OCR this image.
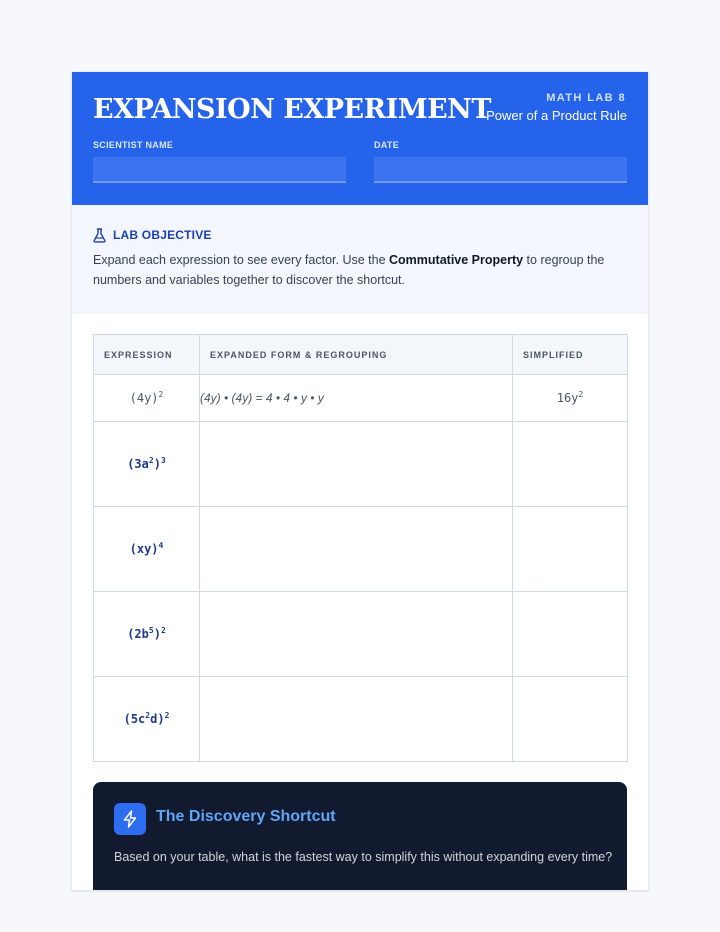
EXPANSION EXPERIMENT	MATH LAB 8
Power of a Product Rule
SCIENTIST NAME	DATE
LAB OBJECTIVE

Expand each expression to see every factor. Use the Commutative Property to regroup the numbers and variables together to discover the shortcut.

EXPRESSION	EXPANDED FORM & REGROUPING	SIMPLIFIED
$(4y)^2$	(4y) • (4y) = 4 • 4 • y • y	$16y^2$
$(3a^2)^3$		
(xy)$^4$		
$(2b^5)^2$		
$(5c^2d)^2$		
The Discovery Shortcut

Based on your table, what is the fastest way to simplify this without expanding every time?
